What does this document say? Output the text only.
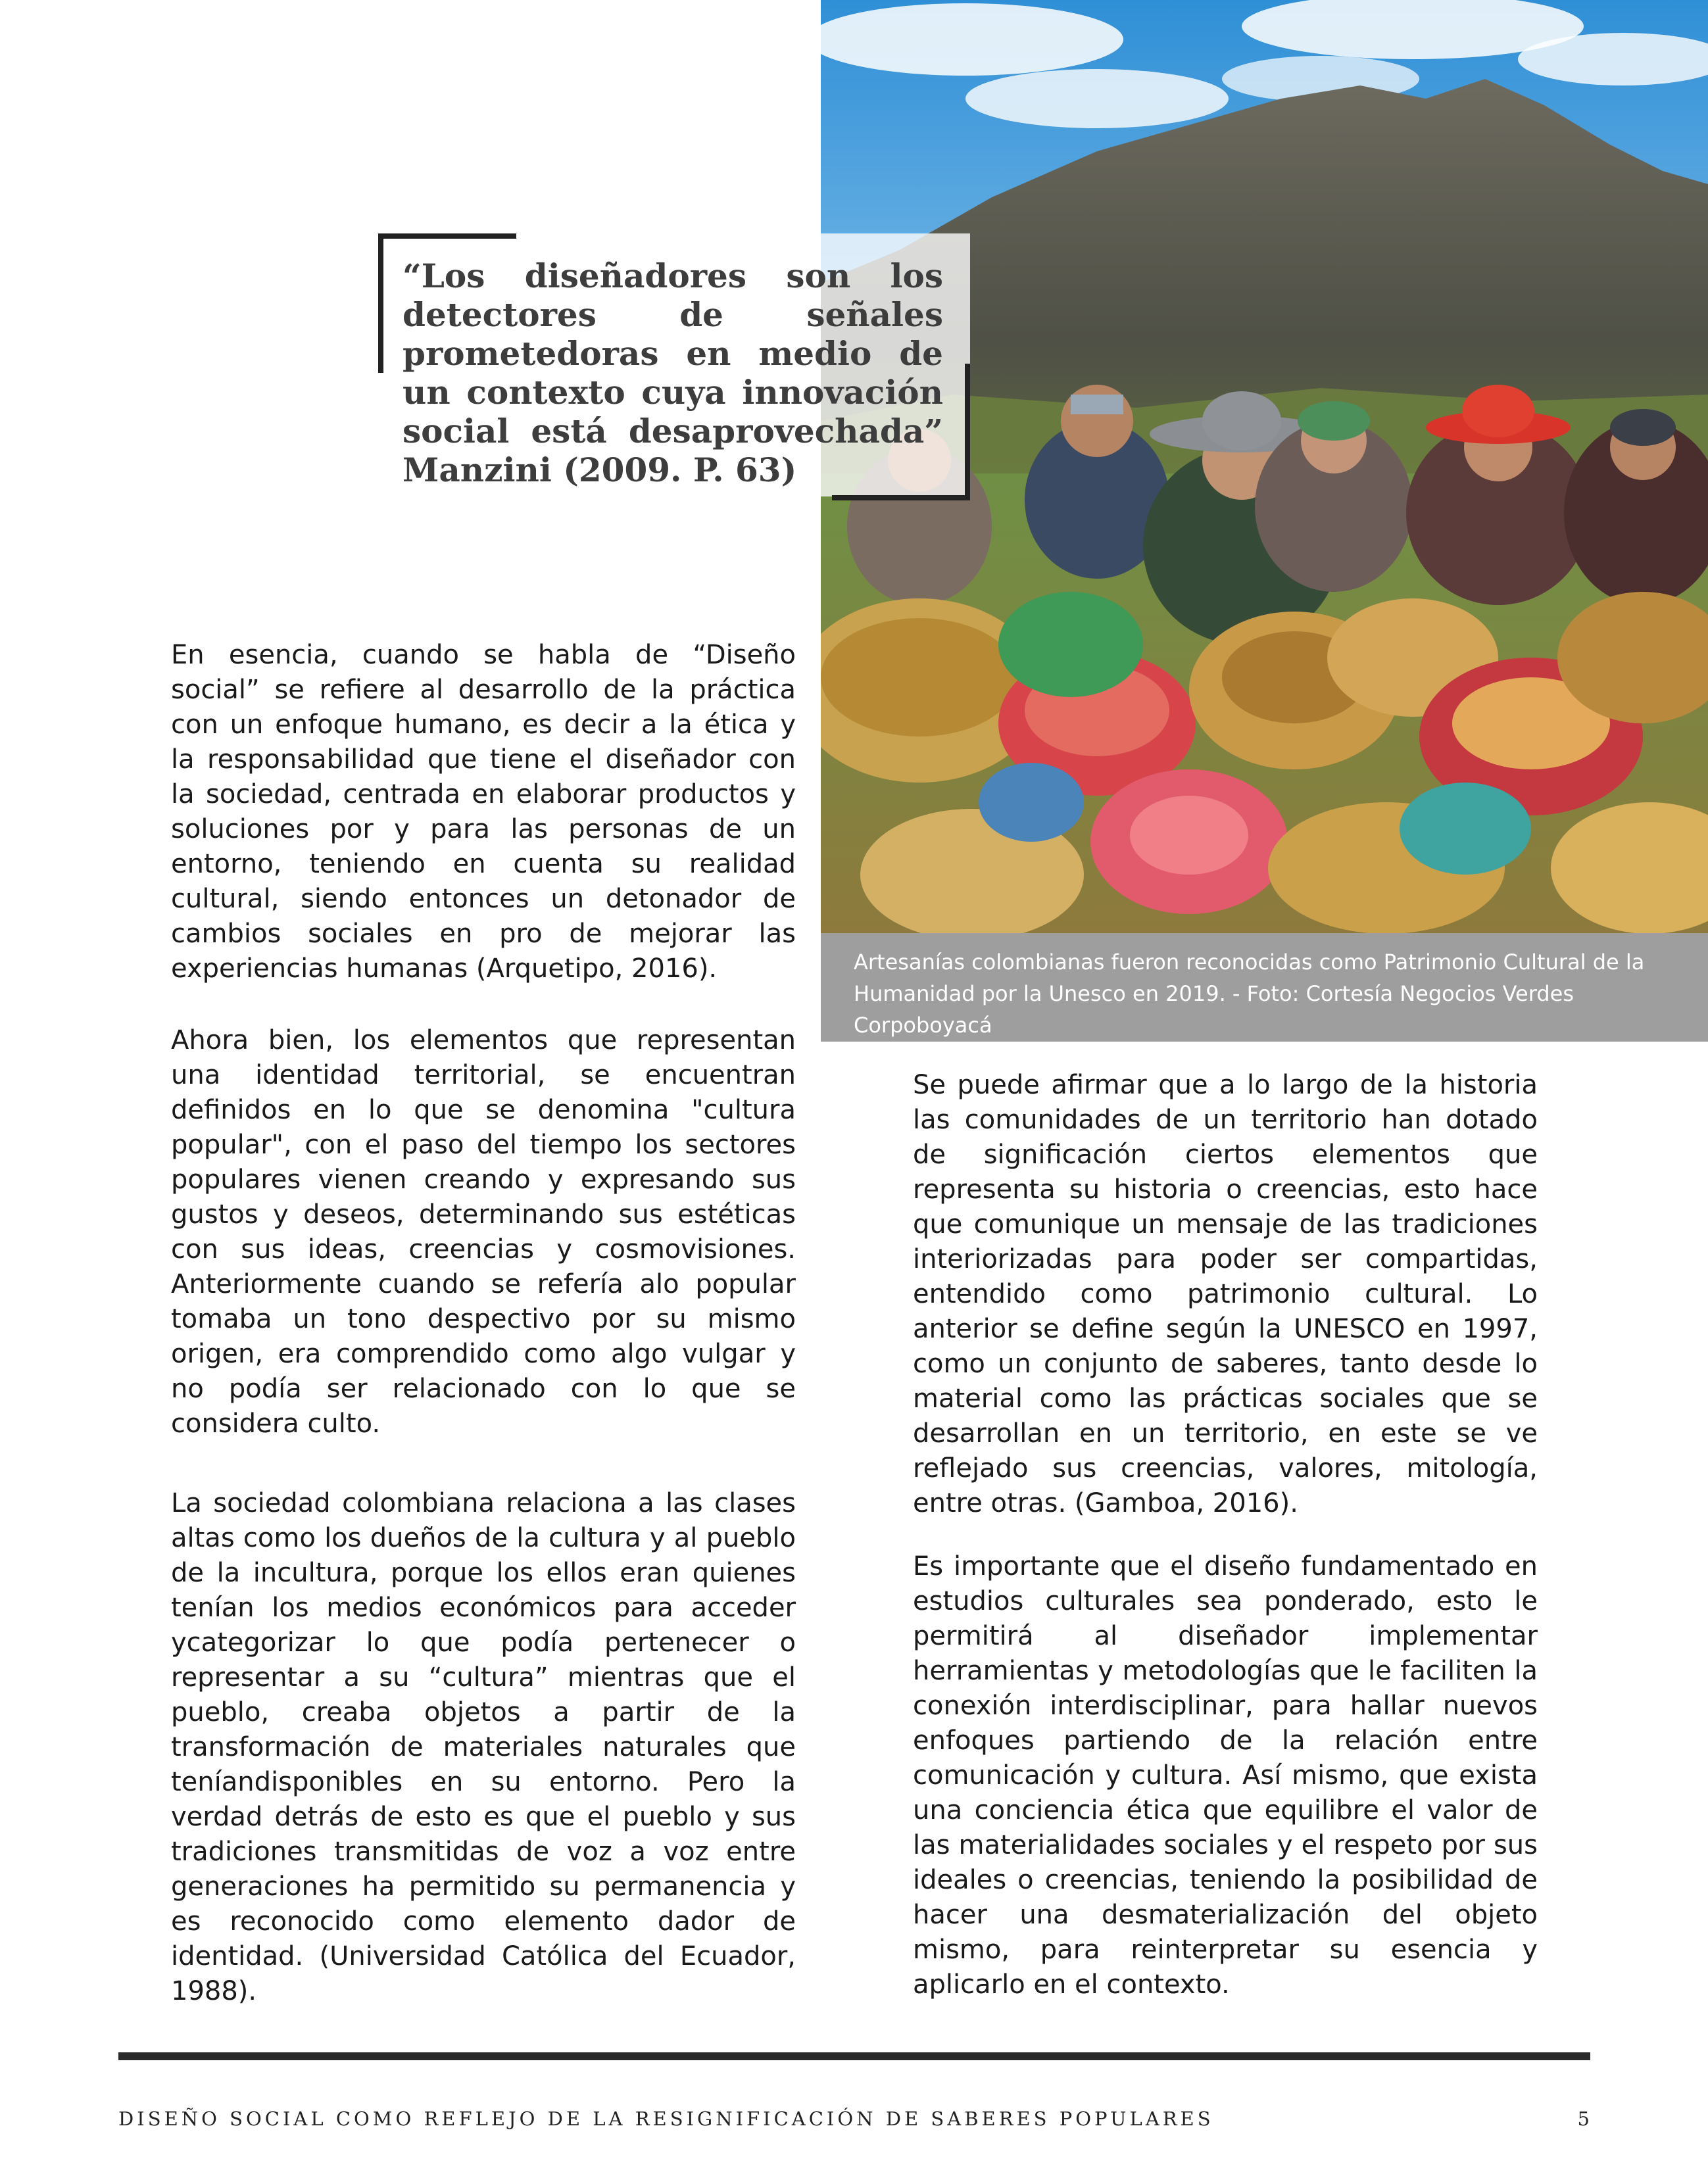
Artesanías colombianas fueron reconocidas como Patrimonio Cultural de la Humanidad por la Unesco en 2019. - Foto: Cortesía Negocios Verdes Corpoboyacá

“Los diseñadores son los detectores de señales prometedoras en medio de un contexto cuya innovación social está desaprovechada” Manzini (2009. P. 63)

En esencia, cuando se habla de “Diseño social” se refiere al desarrollo de la práctica con un enfoque humano, es decir a la ética y la responsabilidad que tiene el diseñador con la sociedad, centrada en elaborar productos y soluciones por y para las personas de un entorno, teniendo en cuenta su realidad cultural, siendo entonces un detonador de cambios sociales en pro de mejorar las experiencias humanas (Arquetipo, 2016).

Ahora bien, los elementos que representan una identidad territorial, se encuentran definidos en lo que se denomina "cultura popular", con el paso del tiempo los sectores populares vienen creando y expresando sus gustos y deseos, determinando sus estéticas con sus ideas, creencias y cosmovisiones. Anteriormente cuando se refería alo popular tomaba un tono despectivo por su mismo origen, era comprendido como algo vulgar y no podía ser relacionado con lo que se considera culto.

La sociedad colombiana relaciona a las clases altas como los dueños de la cultura y al pueblo de la incultura, porque los ellos eran quienes tenían los medios económicos para acceder ycategorizar lo que podía pertenecer o representar a su “cultura” mientras que el pueblo, creaba objetos a partir de la transformación de materiales naturales que teníandisponibles en su entorno. Pero la verdad detrás de esto es que el pueblo y sus tradiciones transmitidas de voz a voz entre generaciones ha permitido su permanencia y es reconocido como elemento dador de identidad. (Universidad Católica del Ecuador, 1988).

Se puede afirmar que a lo largo de la historia las comunidades de un territorio han dotado de significación ciertos elementos que representa su historia o creencias, esto hace que comunique un mensaje de las tradiciones interiorizadas para poder ser compartidas, entendido como patrimonio cultural. Lo anterior se define según la UNESCO en 1997, como un conjunto de saberes, tanto desde lo material como las prácticas sociales que se desarrollan en un territorio, en este se ve reflejado sus creencias, valores, mitología, entre otras. (Gamboa, 2016).

Es importante que el diseño fundamentado en estudios culturales sea ponderado, esto le permitirá al diseñador implementar herramientas y metodologías que le faciliten la conexión interdisciplinar, para hallar nuevos enfoques partiendo de la relación entre comunicación y cultura. Así mismo, que exista una conciencia ética que equilibre el valor de las materialidades sociales y el respeto por sus ideales o creencias, teniendo la posibilidad de hacer una desmaterialización del objeto mismo, para reinterpretar su esencia y aplicarlo en el contexto.

DISEÑO SOCIAL COMO REFLEJO DE LA RESIGNIFICACIÓN DE SABERES POPULARES	5
